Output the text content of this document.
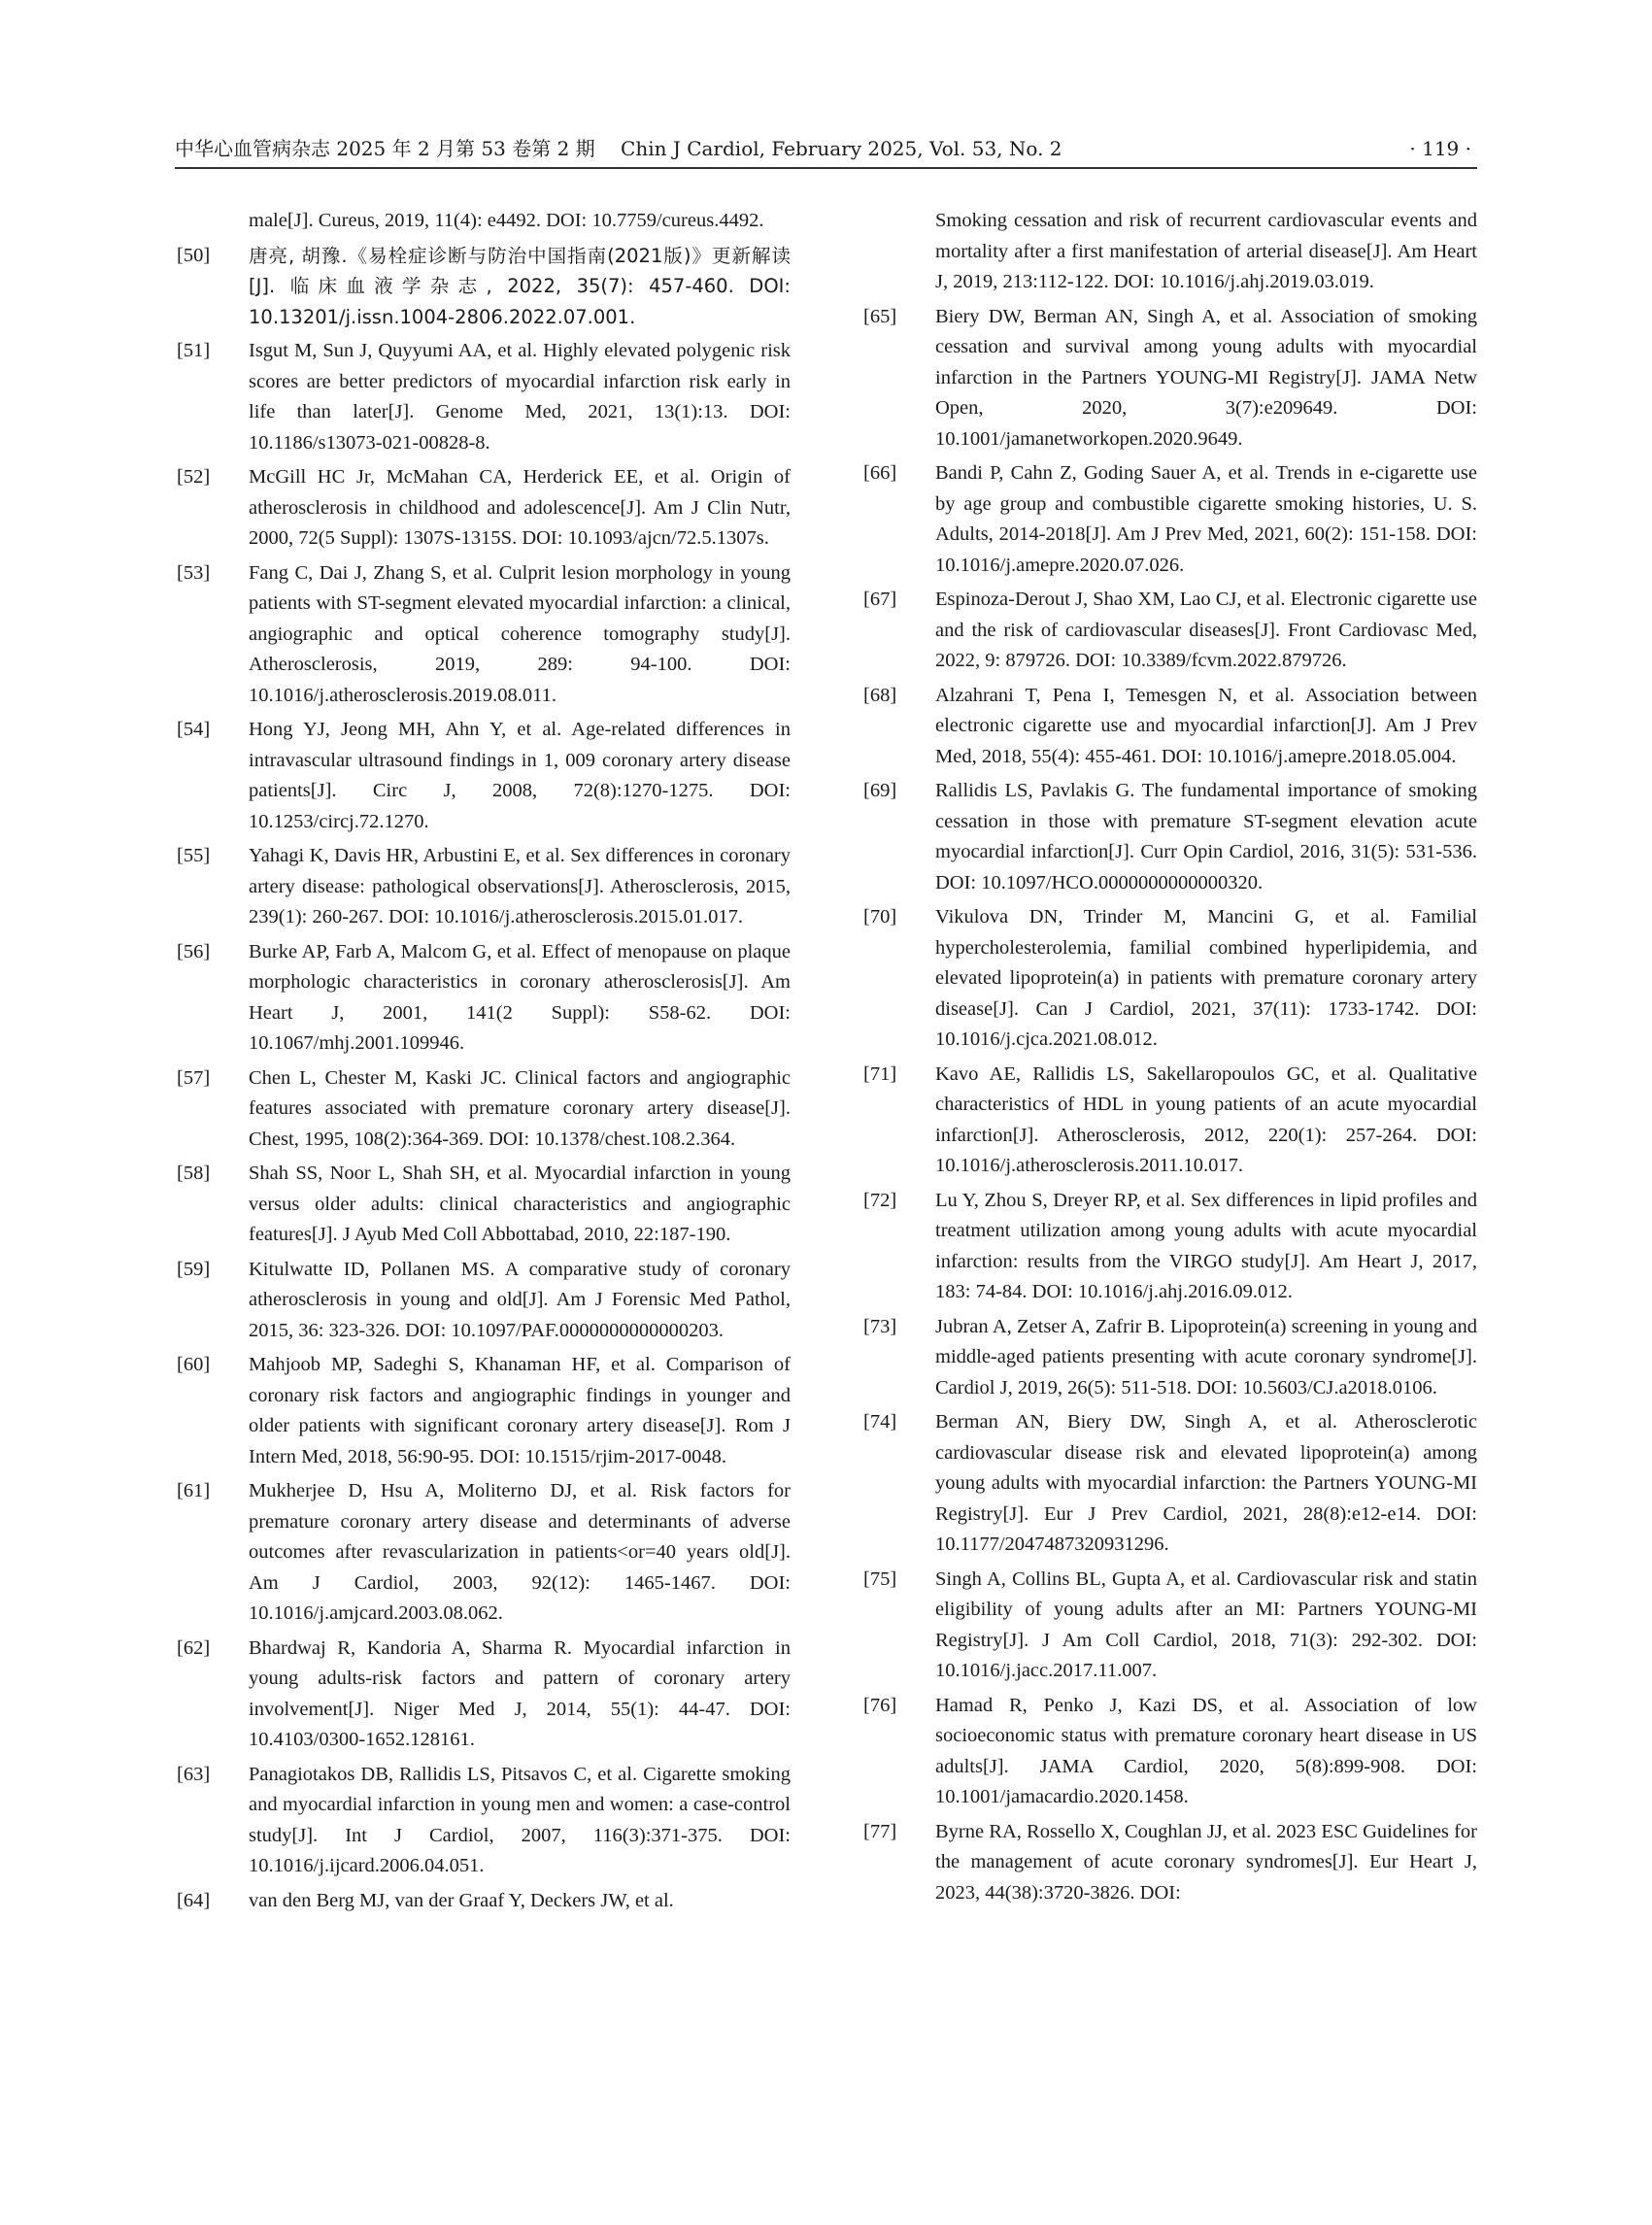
中华心血管病杂志 2025 年 2 月第 53 卷第 2 期 　Chin J Cardiol, February 2025, Vol. 53, No. 2	· 119 ·
male[J]. Cureus, 2019, 11(4): e4492. DOI: 10.7759/cureus.4492.
[50]	唐亮, 胡豫.《易栓症诊断与防治中国指南(2021版)》更新解读[J]. 临床血液学杂志, 2022, 35(7): 457-460. DOI: 10.13201/j.issn.1004-2806.2022.07.001.
[51]	Isgut M, Sun J, Quyyumi AA, et al. Highly elevated polygenic risk scores are better predictors of myocardial infarction risk early in life than later[J]. Genome Med, 2021, 13(1):13. DOI: 10.1186/s13073-021-00828-8.
[52]	McGill HC Jr, McMahan CA, Herderick EE, et al. Origin of atherosclerosis in childhood and adolescence[J]. Am J Clin Nutr, 2000, 72(5 Suppl): 1307S-1315S. DOI: 10.1093/ajcn/72.5.1307s.
[53]	Fang C, Dai J, Zhang S, et al. Culprit lesion morphology in young patients with ST-segment elevated myocardial infarction: a clinical, angiographic and optical coherence tomography study[J]. Atherosclerosis, 2019, 289: 94-100. DOI: 10.1016/j.atherosclerosis.2019.08.011.
[54]	Hong YJ, Jeong MH, Ahn Y, et al. Age-related differences in intravascular ultrasound findings in 1, 009 coronary artery disease patients[J]. Circ J, 2008, 72(8):1270-1275. DOI: 10.1253/circj.72.1270.
[55]	Yahagi K, Davis HR, Arbustini E, et al. Sex differences in coronary artery disease: pathological observations[J]. Atherosclerosis, 2015, 239(1): 260-267. DOI: 10.1016/j.atherosclerosis.2015.01.017.
[56]	Burke AP, Farb A, Malcom G, et al. Effect of menopause on plaque morphologic characteristics in coronary atherosclerosis[J]. Am Heart J, 2001, 141(2 Suppl): S58-62. DOI: 10.1067/mhj.2001.109946.
[57]	Chen L, Chester M, Kaski JC. Clinical factors and angiographic features associated with premature coronary artery disease[J]. Chest, 1995, 108(2):364-369. DOI: 10.1378/chest.108.2.364.
[58]	Shah SS, Noor L, Shah SH, et al. Myocardial infarction in young versus older adults: clinical characteristics and angiographic features[J]. J Ayub Med Coll Abbottabad, 2010, 22:187-190.
[59]	Kitulwatte ID, Pollanen MS. A comparative study of coronary atherosclerosis in young and old[J]. Am J Forensic Med Pathol, 2015, 36: 323-326. DOI: 10.1097/PAF.0000000000000203.
[60]	Mahjoob MP, Sadeghi S, Khanaman HF, et al. Comparison of coronary risk factors and angiographic findings in younger and older patients with significant coronary artery disease[J]. Rom J Intern Med, 2018, 56:90-95. DOI: 10.1515/rjim-2017-0048.
[61]	Mukherjee D, Hsu A, Moliterno DJ, et al. Risk factors for premature coronary artery disease and determinants of adverse outcomes after revascularization in patients<or=40 years old[J]. Am J Cardiol, 2003, 92(12): 1465-1467. DOI: 10.1016/j.amjcard.2003.08.062.
[62]	Bhardwaj R, Kandoria A, Sharma R. Myocardial infarction in young adults-risk factors and pattern of coronary artery involvement[J]. Niger Med J, 2014, 55(1): 44-47. DOI: 10.4103/0300-1652.128161.
[63]	Panagiotakos DB, Rallidis LS, Pitsavos C, et al. Cigarette smoking and myocardial infarction in young men and women: a case-control study[J]. Int J Cardiol, 2007, 116(3):371-375. DOI: 10.1016/j.ijcard.2006.04.051.
[64]	van den Berg MJ, van der Graaf Y, Deckers JW, et al.
Smoking cessation and risk of recurrent cardiovascular events and mortality after a first manifestation of arterial disease[J]. Am Heart J, 2019, 213:112-122. DOI: 10.1016/j.ahj.2019.03.019.
[65]	Biery DW, Berman AN, Singh A, et al. Association of smoking cessation and survival among young adults with myocardial infarction in the Partners YOUNG-MI Registry[J]. JAMA Netw Open, 2020, 3(7):e209649. DOI: 10.1001/jamanetworkopen.2020.9649.
[66]	Bandi P, Cahn Z, Goding Sauer A, et al. Trends in e-cigarette use by age group and combustible cigarette smoking histories, U. S. Adults, 2014-2018[J]. Am J Prev Med, 2021, 60(2): 151-158. DOI: 10.1016/j.amepre.2020.07.026.
[67]	Espinoza-Derout J, Shao XM, Lao CJ, et al. Electronic cigarette use and the risk of cardiovascular diseases[J]. Front Cardiovasc Med, 2022, 9: 879726. DOI: 10.3389/fcvm.2022.879726.
[68]	Alzahrani T, Pena I, Temesgen N, et al. Association between electronic cigarette use and myocardial infarction[J]. Am J Prev Med, 2018, 55(4): 455-461. DOI: 10.1016/j.amepre.2018.05.004.
[69]	Rallidis LS, Pavlakis G. The fundamental importance of smoking cessation in those with premature ST-segment elevation acute myocardial infarction[J]. Curr Opin Cardiol, 2016, 31(5): 531-536. DOI: 10.1097/HCO.0000000000000320.
[70]	Vikulova DN, Trinder M, Mancini G, et al. Familial hypercholesterolemia, familial combined hyperlipidemia, and elevated lipoprotein(a) in patients with premature coronary artery disease[J]. Can J Cardiol, 2021, 37(11): 1733-1742. DOI: 10.1016/j.cjca.2021.08.012.
[71]	Kavo AE, Rallidis LS, Sakellaropoulos GC, et al. Qualitative characteristics of HDL in young patients of an acute myocardial infarction[J]. Atherosclerosis, 2012, 220(1): 257-264. DOI: 10.1016/j.atherosclerosis.2011.10.017.
[72]	Lu Y, Zhou S, Dreyer RP, et al. Sex differences in lipid profiles and treatment utilization among young adults with acute myocardial infarction: results from the VIRGO study[J]. Am Heart J, 2017, 183: 74-84. DOI: 10.1016/j.ahj.2016.09.012.
[73]	Jubran A, Zetser A, Zafrir B. Lipoprotein(a) screening in young and middle-aged patients presenting with acute coronary syndrome[J]. Cardiol J, 2019, 26(5): 511-518. DOI: 10.5603/CJ.a2018.0106.
[74]	Berman AN, Biery DW, Singh A, et al. Atherosclerotic cardiovascular disease risk and elevated lipoprotein(a) among young adults with myocardial infarction: the Partners YOUNG-MI Registry[J]. Eur J Prev Cardiol, 2021, 28(8):e12-e14. DOI: 10.1177/2047487320931296.
[75]	Singh A, Collins BL, Gupta A, et al. Cardiovascular risk and statin eligibility of young adults after an MI: Partners YOUNG-MI Registry[J]. J Am Coll Cardiol, 2018, 71(3): 292-302. DOI: 10.1016/j.jacc.2017.11.007.
[76]	Hamad R, Penko J, Kazi DS, et al. Association of low socioeconomic status with premature coronary heart disease in US adults[J]. JAMA Cardiol, 2020, 5(8):899-908. DOI: 10.1001/jamacardio.2020.1458.
[77]	Byrne RA, Rossello X, Coughlan JJ, et al. 2023 ESC Guidelines for the management of acute coronary syndromes[J]. Eur Heart J, 2023, 44(38):3720-3826. DOI:
